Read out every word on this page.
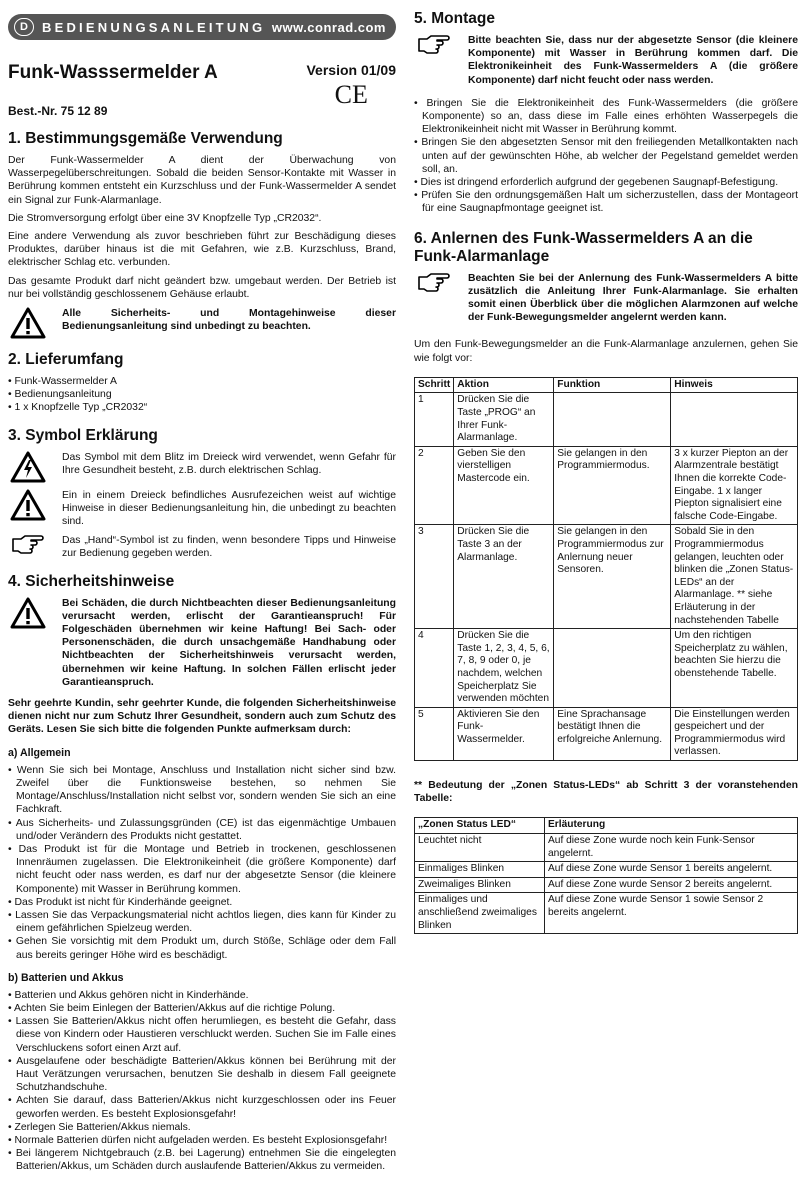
D	BEDIENUNGSANLEITUNG www.conrad.com
Funk-Wasssermelder A	Version 01/09
CE
Best.-Nr. 75 12 89
1. Bestimmungsgemäße Verwendung

Der Funk-Wassermelder A dient der Überwachung von Wasserpegelüberschreitungen. Sobald die beiden Sensor-Kontakte mit Wasser in Berührung kommen entsteht ein Kurzschluss und der Funk-Wassermelder A sendet ein Signal zur Funk-Alarmanlage.

Die Stromversorgung erfolgt über eine 3V Knopfzelle Typ „CR2032“.

Eine andere Verwendung als zuvor beschrieben führt zur Beschädigung dieses Produktes, darüber hinaus ist die mit Gefahren, wie z.B. Kurzschluss, Brand, elektrischer Schlag etc. verbunden.

Das gesamte Produkt darf nicht geändert bzw. umgebaut werden. Der Betrieb ist nur bei vollständig geschlossenem Gehäuse erlaubt.

Alle Sicherheits- und Montagehinweise dieser Bedienungsanleitung sind unbedingt zu beachten.

2. Lieferumfang
• Funk-Wassermelder A
• Bedienungsanleitung
• 1 x Knopfzelle Typ „CR2032“
3. Symbol Erklärung

Das Symbol mit dem Blitz im Dreieck wird verwendet, wenn Gefahr für Ihre Gesundheit besteht, z.B. durch elektrischen Schlag.

Ein in einem Dreieck befindliches Ausrufezeichen weist auf wichtige Hinweise in dieser Bedienungsanleitung hin, die unbedingt zu beachten sind.

Das „Hand“-Symbol ist zu finden, wenn besondere Tipps und Hinweise zur Bedienung gegeben werden.

4. Sicherheitshinweise

Bei Schäden, die durch Nichtbeachten dieser Bedienungsanleitung verursacht werden, erlischt der Garantieanspruch! Für Folgeschäden übernehmen wir keine Haftung! Bei Sach- oder Personenschäden, die durch unsachgemäße Handhabung oder Nichtbeachten der Sicherheitshinweis verursacht werden, übernehmen wir keine Haftung. In solchen Fällen erlischt jeder Garantieanspruch.

Sehr geehrte Kundin, sehr geehrter Kunde, die folgenden Sicherheitshinweise dienen nicht nur zum Schutz Ihrer Gesundheit, sondern auch zum Schutz des Geräts. Lesen Sie sich bitte die folgenden Punkte aufmerksam durch:

a) Allgemein
• Wenn Sie sich bei Montage, Anschluss und Installation nicht sicher sind bzw. Zweifel über die Funktionsweise bestehen, so nehmen Sie Montage/Anschluss/Installation nicht selbst vor, sondern wenden Sie sich an eine Fachkraft.
• Aus Sicherheits- und Zulassungsgründen (CE) ist das eigenmächtige Umbauen und/oder Verändern des Produkts nicht gestattet.
• Das Produkt ist für die Montage und Betrieb in trockenen, geschlossenen Innenräumen zugelassen. Die Elektronikeinheit (die größere Komponente) darf nicht feucht oder nass werden, es darf nur der abgesetzte Sensor (die kleinere Komponente) mit Wasser in Berührung kommen.
• Das Produkt ist nicht für Kinderhände geeignet.
• Lassen Sie das Verpackungsmaterial nicht achtlos liegen, dies kann für Kinder zu einem gefährlichen Spielzeug werden.
• Gehen Sie vorsichtig mit dem Produkt um, durch Stöße, Schläge oder dem Fall aus bereits geringer Höhe wird es beschädigt.
b) Batterien und Akkus
• Batterien und Akkus gehören nicht in Kinderhände.
• Achten Sie beim Einlegen der Batterien/Akkus auf die richtige Polung.
• Lassen Sie Batterien/Akkus nicht offen herumliegen, es besteht die Gefahr, dass diese von Kindern oder Haustieren verschluckt werden. Suchen Sie im Falle eines Verschluckens sofort einen Arzt auf.
• Ausgelaufene oder beschädigte Batterien/Akkus können bei Berührung mit der Haut Verätzungen verursachen, benutzen Sie deshalb in diesem Fall geeignete Schutzhandschuhe.
• Achten Sie darauf, dass Batterien/Akkus nicht kurzgeschlossen oder ins Feuer geworfen werden. Es besteht Explosionsgefahr!
• Zerlegen Sie Batterien/Akkus niemals.
• Normale Batterien dürfen nicht aufgeladen werden. Es besteht Explosionsgefahr!
• Bei längerem Nichtgebrauch (z.B. bei Lagerung) entnehmen Sie die eingelegten Batterien/Akkus, um Schäden durch auslaufende Batterien/Akkus zu vermeiden.
5. Montage

Bitte beachten Sie, dass nur der abgesetzte Sensor (die kleinere Komponente) mit Wasser in Berührung kommen darf. Die Elektronikeinheit des Funk-Wassermelders A (die größere Komponente) darf nicht feucht oder nass werden.

• Bringen Sie die Elektronikeinheit des Funk-Wassermelders (die größere Komponente) so an, dass diese im Falle eines erhöhten Wasserpegels die Elektronikeinheit nicht mit Wasser in Berührung kommt.
• Bringen Sie den abgesetzten Sensor mit den freiliegenden Metallkontakten nach unten auf der gewünschten Höhe, ab welcher der Pegelstand gemeldet werden soll, an.
• Dies ist dringend erforderlich aufgrund der gegebenen Saugnapf-Befestigung.
• Prüfen Sie den ordnungsgemäßen Halt um sicherzustellen, dass der Montageort für eine Saugnapfmontage geeignet ist.
6. Anlernen des Funk-Wassermelders A an die Funk-Alarmanlage

Beachten Sie bei der Anlernung des Funk-Wassermelders A bitte zusätzlich die Anleitung Ihrer Funk-Alarmanlage. Sie erhalten somit einen Überblick über die möglichen Alarmzonen auf welche der Funk-Bewegungsmelder angelernt werden kann.

Um den Funk-Bewegungsmelder an die Funk-Alarmanlage anzulernen, gehen Sie wie folgt vor:

Schritt	Aktion	Funktion	Hinweis
1	Drücken Sie die Taste „PROG“ an Ihrer Funk-Alarmanlage.		
2	Geben Sie den vierstelligen Mastercode ein.	Sie gelangen in den Programmiermodus.	3 x kurzer Piepton an der Alarmzentrale bestätigt Ihnen die korrekte Code-Eingabe. 1 x langer Piepton signalisiert eine falsche Code-Eingabe.
3	Drücken Sie die Taste 3 an der Alarmanlage.	Sie gelangen in den Programmiermodus zur Anlernung neuer Sensoren.	Sobald Sie in den Programmiermodus gelangen, leuchten oder blinken die „Zonen Status-LEDs“ an der Alarmanlage. ** siehe Erläuterung in der nachstehenden Tabelle
4	Drücken Sie die Taste 1, 2, 3, 4, 5, 6, 7, 8, 9 oder 0, je nachdem, welchen Speicherplatz Sie verwenden möchten		Um den richtigen Speicherplatz zu wählen, beachten Sie hierzu die obenstehende Tabelle.
5	Aktivieren Sie den Funk-Wassermelder.	Eine Sprachansage bestätigt Ihnen die erfolgreiche Anlernung.	Die Einstellungen werden gespeichert und der Programmiermodus wird verlassen.

** Bedeutung der „Zonen Status-LEDs“ ab Schritt 3 der voranstehenden Tabelle:

„Zonen Status LED“	Erläuterung
Leuchtet nicht	Auf diese Zone wurde noch kein Funk-Sensor angelernt.
Einmaliges Blinken	Auf diese Zone wurde Sensor 1 bereits angelernt.
Zweimaliges Blinken	Auf diese Zone wurde Sensor 2 bereits angelernt.
Einmaliges und anschließend zweimaliges Blinken	Auf diese Zone wurde Sensor 1 sowie Sensor 2 bereits angelernt.
